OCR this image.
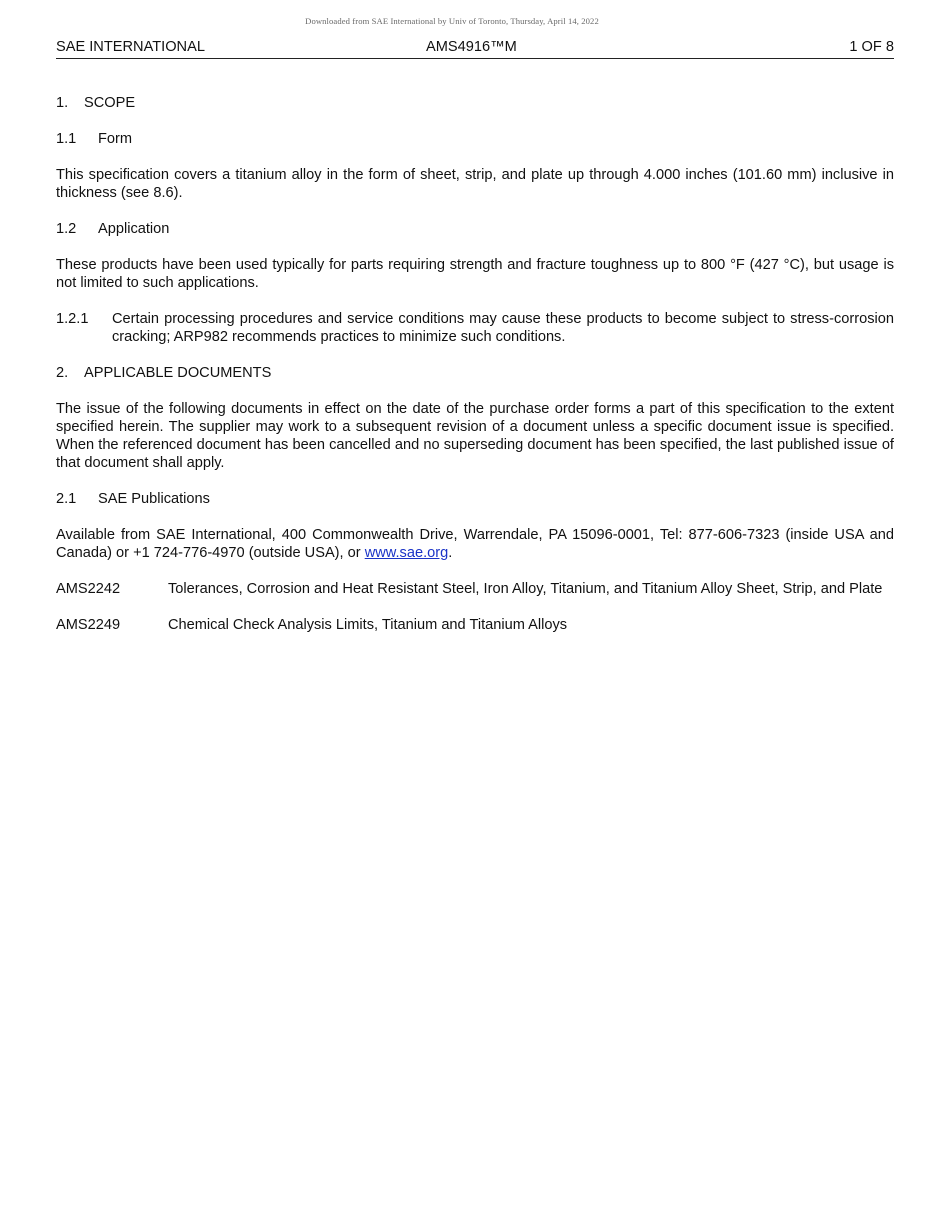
Downloaded from SAE International by Univ of Toronto, Thursday, April 14, 2022
SAE INTERNATIONAL	AMS4916™M	1 OF 8
1. SCOPE
1.1 Form

This specification covers a titanium alloy in the form of sheet, strip, and plate up through 4.000 inches (101.60 mm) inclusive in thickness (see 8.6).

1.2 Application

These products have been used typically for parts requiring strength and fracture toughness up to 800 °F (427 °C), but usage is not limited to such applications.

1.2.1 Certain processing procedures and service conditions may cause these products to become subject to stress-corrosion cracking; ARP982 recommends practices to minimize such conditions.
2. APPLICABLE DOCUMENTS

The issue of the following documents in effect on the date of the purchase order forms a part of this specification to the extent specified herein. The supplier may work to a subsequent revision of a document unless a specific document issue is specified. When the referenced document has been cancelled and no superseding document has been specified, the last published issue of that document shall apply.

2.1 SAE Publications

Available from SAE International, 400 Commonwealth Drive, Warrendale, PA 15096-0001, Tel: 877-606-7323 (inside USA and Canada) or +1 724-776-4970 (outside USA), or www.sae.org.

AMS2242	Tolerances, Corrosion and Heat Resistant Steel, Iron Alloy, Titanium, and Titanium Alloy Sheet, Strip, and Plate
AMS2249	Chemical Check Analysis Limits, Titanium and Titanium Alloys
